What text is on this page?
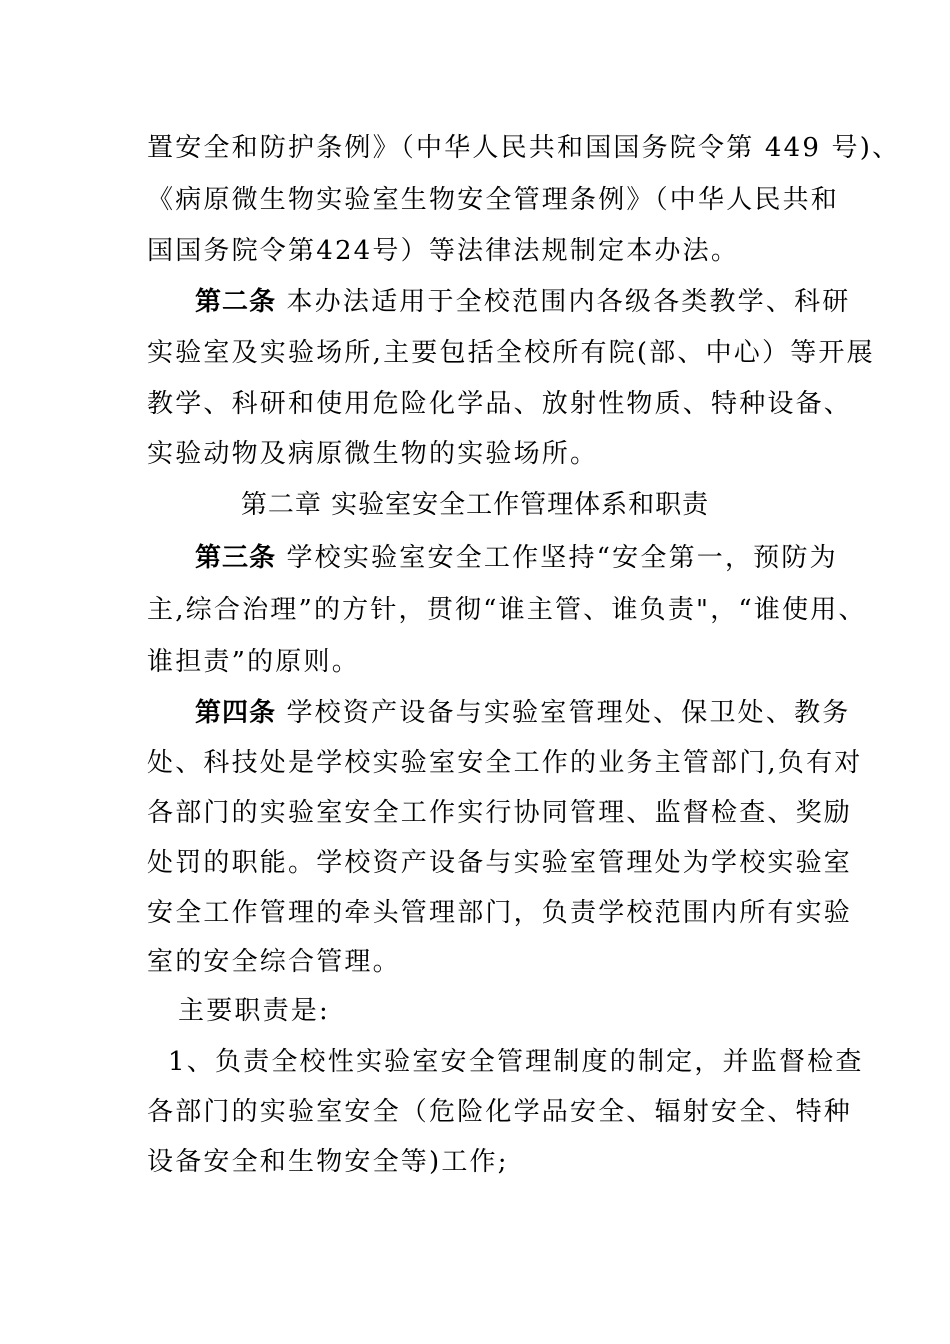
置安全和防护条例》（中华人民共和国国务院令第 449 号)、
《病原微生物实验室生物安全管理条例》（中华人民共和
国国务院令第424号）等法律法规制定本办法。
第二条 本办法适用于全校范围内各级各类教学、科研
实验室及实验场所,主要包括全校所有院(部、中心）等开展
教学、科研和使用危险化学品、放射性物质、特种设备、
实验动物及病原微生物的实验场所。
第二章 实验室安全工作管理体系和职责
第三条 学校实验室安全工作坚持“安全第一，预防为
主,综合治理”的方针，贯彻“谁主管、谁负责"，“谁使用、
谁担责”的原则。
第四条 学校资产设备与实验室管理处、保卫处、教务
处、科技处是学校实验室安全工作的业务主管部门,负有对
各部门的实验室安全工作实行协同管理、监督检查、奖励
处罚的职能。学校资产设备与实验室管理处为学校实验室
安全工作管理的牵头管理部门，负责学校范围内所有实验
室的安全综合管理。
主要职责是:
1、负责全校性实验室安全管理制度的制定，并监督检查
各部门的实验室安全（危险化学品安全、辐射安全、特种
设备安全和生物安全等)工作;
